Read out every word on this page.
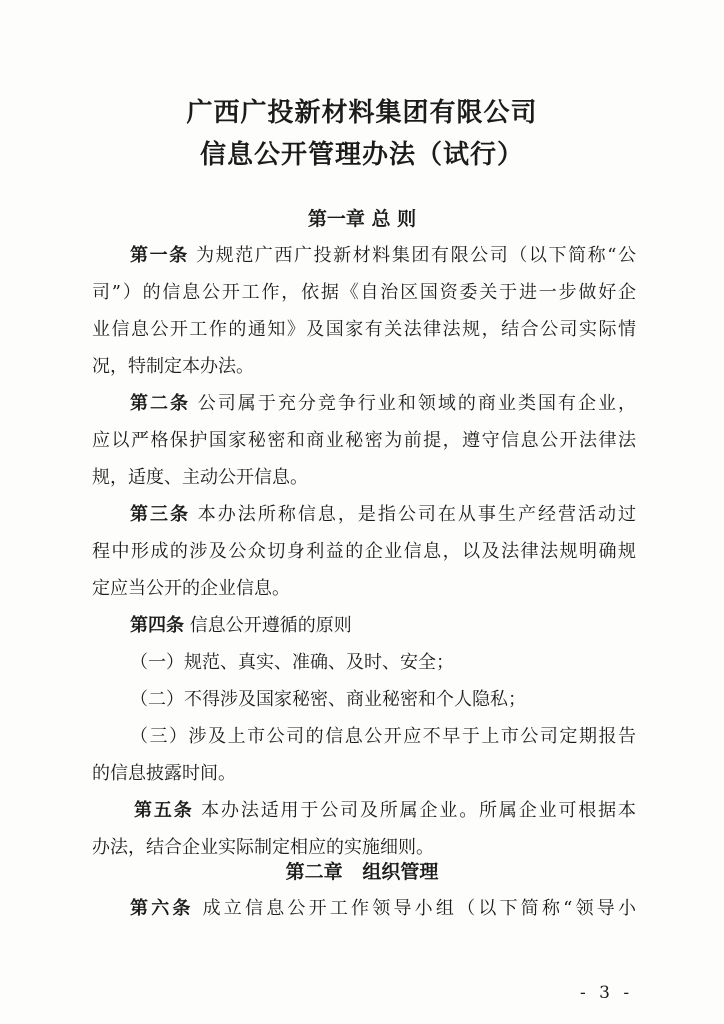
广西广投新材料集团有限公司
信息公开管理办法（试行）
第一章 总 则

第一条 为规范广西广投新材料集团有限公司（以下简称“公

司”）的信息公开工作，依据《自治区国资委关于进一步做好企

业信息公开工作的通知》及国家有关法律法规，结合公司实际情

况，特制定本办法。

第二条 公司属于充分竞争行业和领域的商业类国有企业，

应以严格保护国家秘密和商业秘密为前提，遵守信息公开法律法

规，适度、主动公开信息。

第三条 本办法所称信息，是指公司在从事生产经营活动过

程中形成的涉及公众切身利益的企业信息，以及法律法规明确规

定应当公开的企业信息。

第四条 信息公开遵循的原则

（一）规范、真实、准确、及时、安全；

（二）不得涉及国家秘密、商业秘密和个人隐私；

（三）涉及上市公司的信息公开应不早于上市公司定期报告

的信息披露时间。

第五条 本办法适用于公司及所属企业。所属企业可根据本

办法，结合企业实际制定相应的实施细则。

第二章   组织管理

第六条 成立信息公开工作领导小组（以下简称“领导小

- 3 -
